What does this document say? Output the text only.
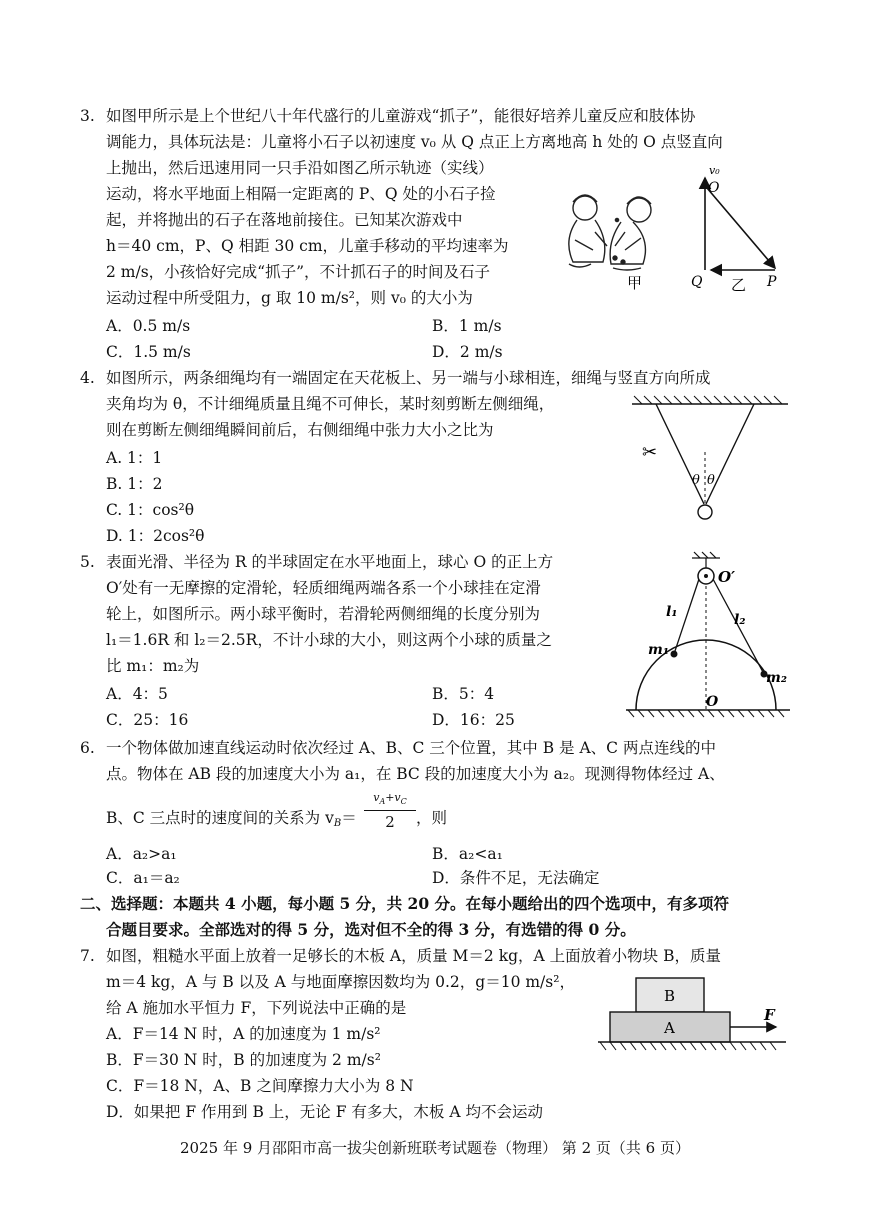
3. 如图甲所示是上个世纪八十年代盛行的儿童游戏“抓子”，能很好培养儿童反应和肢体协
调能力，具体玩法是：儿童将小石子以初速度 v₀ 从 Q 点正上方离地高 h 处的 O 点竖直向
上抛出，然后迅速用同一只手沿如图乙所示轨迹（实线）
运动，将水平地面上相隔一定距离的 P、Q 处的小石子捡
起，并将抛出的石子在落地前接住。已知某次游戏中
h＝40 cm，P、Q 相距 30 cm，儿童手移动的平均速率为
2 m/s，小孩恰好完成“抓子”，不计抓石子的时间及石子
运动过程中所受阻力，g 取 10 m/s²，则 v₀ 的大小为
A．0.5 m/s	B．1 m/s
C．1.5 m/s	D．2 m/s
甲
v₀
O
Q	P
乙
4. 如图所示，两条细绳均有一端固定在天花板上、另一端与小球相连，细绳与竖直方向所成
夹角均为 θ，不计细绳质量且绳不可伸长，某时刻剪断左侧细绳，
则在剪断左侧细绳瞬间前后，右侧细绳中张力大小之比为
A. 1：1
B. 1：2
C. 1：cos²θ
D. 1：2cos²θ
θ θ
✂
5. 表面光滑、半径为 R 的半球固定在水平地面上，球心 O 的正上方
O′处有一无摩擦的定滑轮，轻质细绳两端各系一个小球挂在定滑
轮上，如图所示。两小球平衡时，若滑轮两侧细绳的长度分别为
l₁＝1.6R 和 l₂＝2.5R，不计小球的大小，则这两个小球的质量之
比 m₁：m₂为
A．4：5	B．5：4
C．25：16	D．16：25
O′
l₁	l₂
m₁
m₂
O
6. 一个物体做加速直线运动时依次经过 A、B、C 三个位置，其中 B 是 A、C 两点连线的中
点。物体在 AB 段的加速度大小为 a₁，在 BC 段的加速度大小为 a₂。现测得物体经过 A、
B、C 三点时的速度间的关系为 vB＝
$v_A+v_C$
2	，则
A．a₂>a₁	B．a₂<a₁
C．a₁＝a₂	D．条件不足，无法确定
二、选择题：本题共 4 小题，每小题 5 分，共 20 分。在每小题给出的四个选项中，有多项符
合题目要求。全部选对的得 5 分，选对但不全的得 3 分，有选错的得 0 分。
7. 如图，粗糙水平面上放着一足够长的木板 A，质量 M＝2 kg，A 上面放着小物块 B，质量
m＝4 kg，A 与 B 以及 A 与地面摩擦因数均为 0.2，g＝10 m/s²，
给 A 施加水平恒力 F，下列说法中正确的是
A．F＝14 N 时，A 的加速度为 1 m/s²
B．F＝30 N 时，B 的加速度为 2 m/s²
C．F＝18 N，A、B 之间摩擦力大小为 8 N
D．如果把 F 作用到 B 上，无论 F 有多大，木板 A 均不会运动
B
A
F
2025 年 9 月邵阳市高一拔尖创新班联考试题卷（物理） 第 2 页（共 6 页）
